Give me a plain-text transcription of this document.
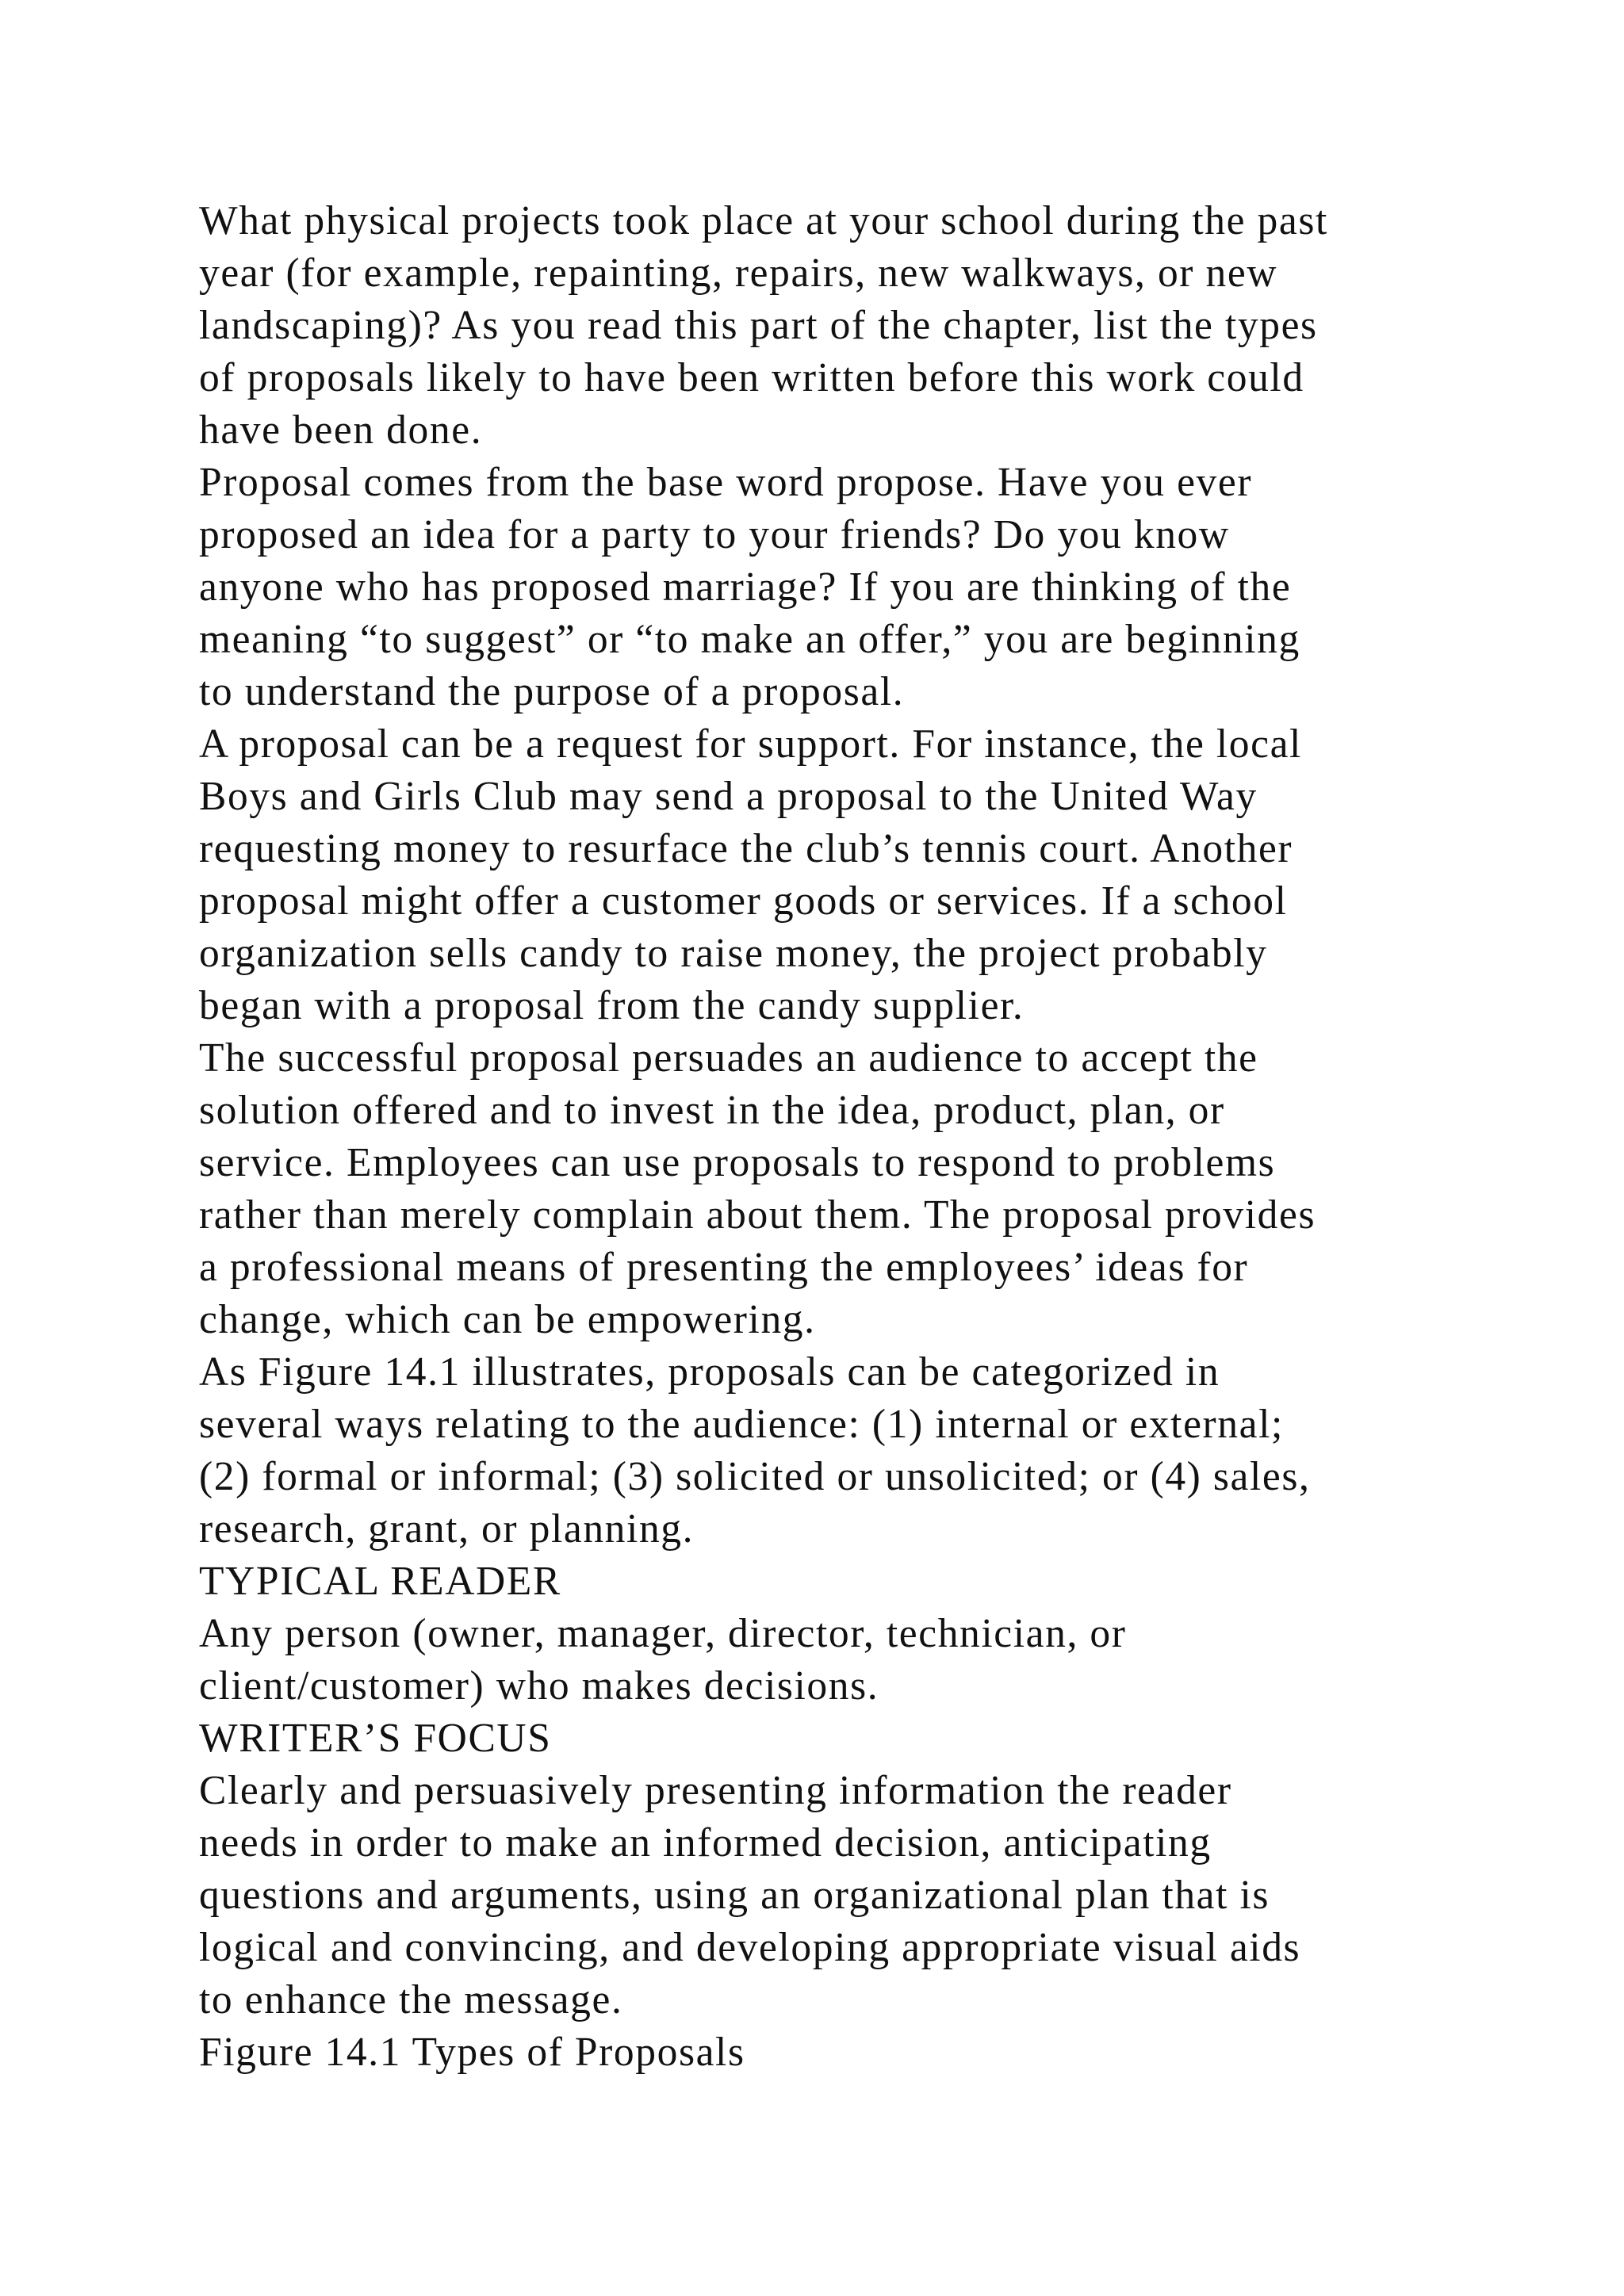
What physical projects took place at your school during the past
year (for example, repainting, repairs, new walkways, or new
landscaping)? As you read this part of the chapter, list the types
of proposals likely to have been written before this work could
have been done.
Proposal comes from the base word propose. Have you ever
proposed an idea for a party to your friends? Do you know
anyone who has proposed marriage? If you are thinking of the
meaning “to suggest” or “to make an offer,” you are beginning
to understand the purpose of a proposal.
A proposal can be a request for support. For instance, the local
Boys and Girls Club may send a proposal to the United Way
requesting money to resurface the club’s tennis court. Another
proposal might offer a customer goods or services. If a school
organization sells candy to raise money, the project probably
began with a proposal from the candy supplier.
The successful proposal persuades an audience to accept the
solution offered and to invest in the idea, product, plan, or
service. Employees can use proposals to respond to problems
rather than merely complain about them. The proposal provides
a professional means of presenting the employees’ ideas for
change, which can be empowering.
As Figure 14.1 illustrates, proposals can be categorized in
several ways relating to the audience: (1) internal or external;
(2) formal or informal; (3) solicited or unsolicited; or (4) sales,
research, grant, or planning.
TYPICAL READER
Any person (owner, manager, director, technician, or
client/customer) who makes decisions.
WRITER’S FOCUS
Clearly and persuasively presenting information the reader
needs in order to make an informed decision, anticipating
questions and arguments, using an organizational plan that is
logical and convincing, and developing appropriate visual aids
to enhance the message.
Figure 14.1 Types of Proposals
